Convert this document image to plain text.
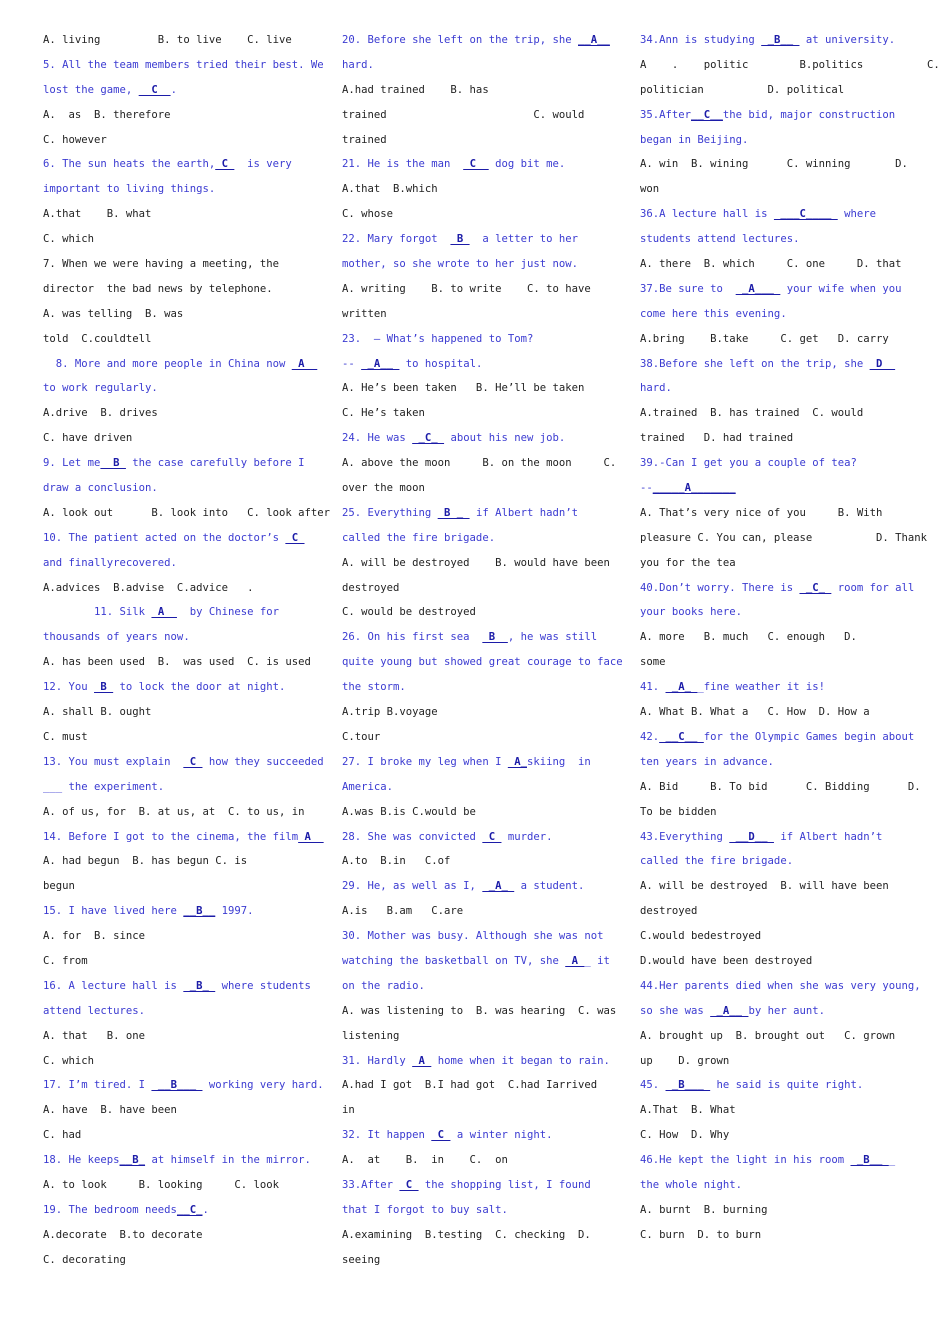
A. living         B. to live    C. live
5. All the team members tried their best. We
lost the game,   C  .
A.  as  B. therefore
C. however
6. The sun heats the earth, C   is very
important to living things.
A.that    B. what
C. which
7. When we were having a meeting, the
director  the bad news by telephone.
A. was telling  B. was
told  C.couldtell
8. More and more people in China now  A
to work regularly.
A.drive  B. drives
C. have driven
9. Let me  B  the case carefully before I
draw a conclusion.
A. look out      B. look into   C. look after
10. The patient acted on the doctor’s  C
and finallyrecovered.
A.advices  B.advise  C.advice   .
11. Silk  A    by Chinese for
thousands of years now.
A. has been used  B.  was used  C. is used
12. You  B  to lock the door at night.
A. shall B. ought
C. must
13. You must explain   C  how they succeeded
___ the experiment.
A. of us, for  B. at us, at  C. to us, in
14. Before I got to the cinema, the film A
A. had begun  B. has begun C. is
begun
15. I have lived here __B__ 1997.
A. for  B. since
C. from
16. A lecture hall is  _B_  where students
attend lectures.
A. that   B. one
C. which
17. I’m tired. I  __B___  working very hard.
A. have  B. have been
C. had
18. He keeps__B_ at himself in the mirror.
A. to look     B. looking     C. look
19. The bedroom needs__C_.
A.decorate  B.to decorate
C. decorating
20. Before she left on the trip, she __A__
hard.
A.had trained    B. has
trained                       C. would
trained
21. He is the man   C   dog bit me.
A.that  B.which
C. whose
22. Mary forgot   B   a letter to her
mother, so she wrote to her just now.
A. writing    B. to write    C. to have
written
23.  – What’s happened to Tom?
--  _A__  to hospital.
A. He’s been taken   B. He’ll be taken
C. He’s taken
24. He was  _C_  about his new job.
A. above the moon     B. on the moon     C.
over the moon
25. Everything  B _  if Albert hadn’t
called the fire brigade.
A. will be destroyed    B. would have been
destroyed
C. would be destroyed
26. On his first sea   B  , he was still
quite young but showed great courage to face
the storm.
A.trip B.voyage
C.tour
27. I broke my leg when I  A_skiing  in
America.
A.was B.is C.would be
28. She was convicted  C  murder.
A.to  B.in   C.of
29. He, as well as I,  _A_  a student.
A.is   B.am   C.are
30. Mother was busy. Although she was not
watching the basketball on TV, she  A _ it
on the radio.
A. was listening to  B. was hearing  C. was
listening
31. Hardly  A  home when it began to rain.
A.had I got  B.I had got  C.had Iarrived
in
32. It happen  C  a winter night.
A.  at    B.  in    C.  on
33.After  C  the shopping list, I found
that I forgot to buy salt.
A.examining  B.testing  C. checking  D.
seeing
34.Ann is studying  _B__  at university.
A    .    politic        B.politics          C.
politician          D. political
35.After__C__the bid, major construction
began in Beijing.
A. win  B. wining      C. winning       D.
won
36.A lecture hall is  ___C____  where
students attend lectures.
A. there  B. which     C. one     D. that
37.Be sure to   _A___  your wife when you
come here this evening.
A.bring    B.take     C. get   D. carry
38.Before she left on the trip, she  D
hard.
A.trained  B. has trained  C. would
trained   D. had trained
39.-Can I get you a couple of tea?
--_____A_______
A. That’s very nice of you     B. With
pleasure C. You can, please          D. Thank
you for the tea
40.Don’t worry. There is  _C_  room for all
your books here.
A. more   B. much   C. enough   D.
some
41.  _A_ _fine weather it is!
A. What B. What a   C. How  D. How a
42. __C__ for the Olympic Games begin about
ten years in advance.
A. Bid     B. To bid      C. Bidding      D.
To be bidden
43.Everything  __D__  if Albert hadn’t
called the fire brigade.
A. will be destroyed  B. will have been
destroyed
C.would bedestroyed
D.would have been destroyed
44.Her parents died when she was very young,
so she was  _A__ by her aunt.
A. brought up  B. brought out   C. grown
up    D. grown
45.  _B___  he said is quite right.
A.That  B. What
C. How  D. Why
46.He kept the light in his room  _B__ _
the whole night.
A. burnt  B. burning
C. burn  D. to burn
